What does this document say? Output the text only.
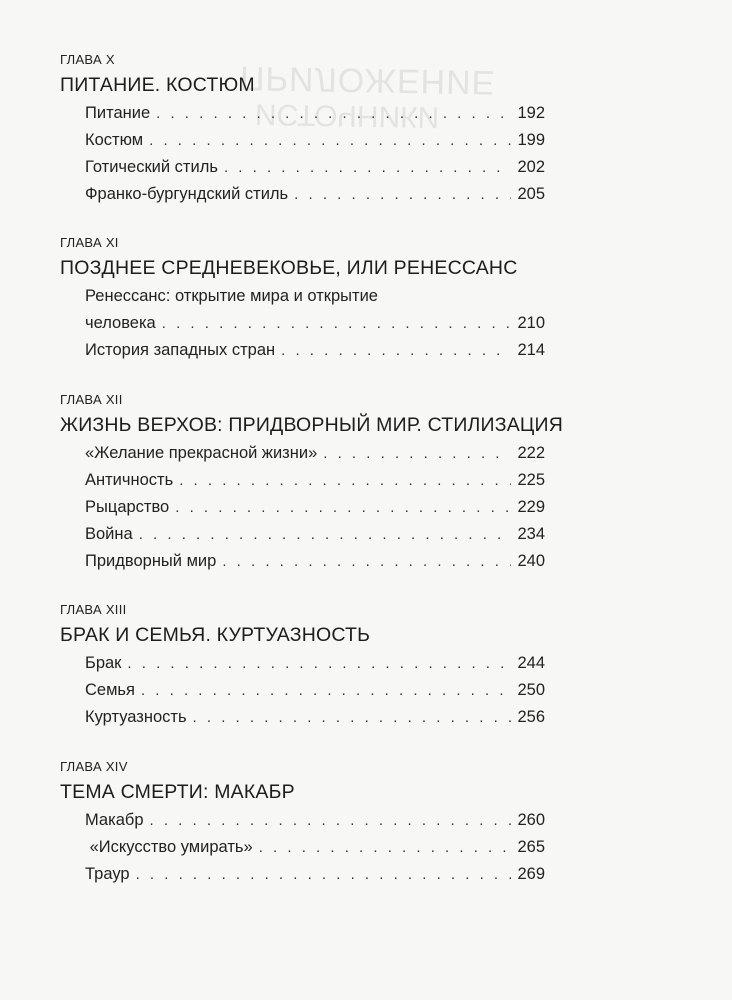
ПРИЛОЖЕНИЕ
ИСТОЧНИКИ
ГЛАВА X
ПИТАНИЕ. КОСТЮМ
Питание . . .	192
Костюм . . .	199
Готический стиль . . .	202
Франко-бургундский стиль . . .	205
ГЛАВА XI
ПОЗДНЕЕ СРЕДНЕВЕКОВЬЕ, ИЛИ РЕНЕССАНС
Ренессанс: открытие мира и открытие
человека . . .	210
История западных стран . . .	214
ГЛАВА XII
ЖИЗНЬ ВЕРХОВ: ПРИДВОРНЫЙ МИР. СТИЛИЗАЦИЯ
«Желание прекрасной жизни» . . .	222
Античность . . .	225
Рыцарство . . .	229
Война . . .	234
Придворный мир . . .	240
ГЛАВА XIII
БРАК И СЕМЬЯ. КУРТУАЗНОСТЬ
Брак . . .	244
Семья . . .	250
Куртуазность . . .	256
ГЛАВА XIV
ТЕМА СМЕРТИ: МАКАБР
Макабр . . .	260
«Искусство умирать» . . .	265
Траур . . .	269
